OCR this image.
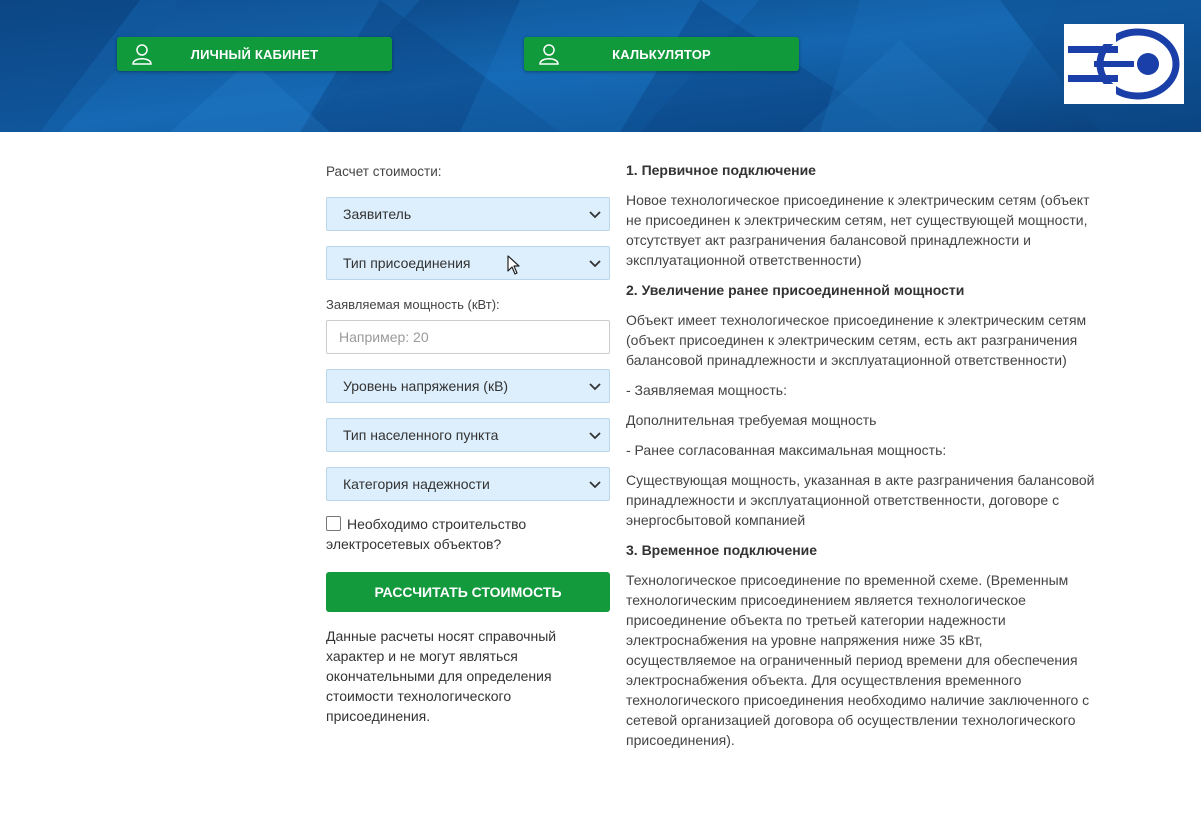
ЛИЧНЫЙ КАБИНЕТ	КАЛЬКУЛЯТОР
Расчет стоимости:
Заявитель
Тип присоединения
Заявляемая мощность (кВт):
Например: 20
Уровень напряжения (кВ)
Тип населенного пункта
Категория надежности
Необходимо строительство электросетевых объектов?
РАССЧИТАТЬ СТОИМОСТЬ
Данные расчеты носят справочный характер и не могут являться окончательными для определения стоимости технологического присоединения.
1. Первичное подключение

Новое технологическое присоединение к электрическим сетям (объект не присоединен к электрическим сетям, нет существующей мощности, отсутствует акт разграничения балансовой принадлежности и эксплуатационной ответственности)

2. Увеличение ранее присоединенной мощности

Объект имеет технологическое присоединение к электрическим сетям (объект присоединен к электрическим сетям, есть акт разграничения балансовой принадлежности и эксплуатационной ответственности)

- Заявляемая мощность:

Дополнительная требуемая мощность

- Ранее согласованная максимальная мощность:

Существующая мощность, указанная в акте разграничения балансовой принадлежности и эксплуатационной ответственности, договоре с энергосбытовой компанией

3. Временное подключение

Технологическое присоединение по временной схеме. (Временным технологическим присоединением является технологическое присоединение объекта по третьей категории надежности электроснабжения на уровне напряжения ниже 35 кВт, осуществляемое на ограниченный период времени для обеспечения электроснабжения объекта. Для осуществления временного технологического присоединения необходимо наличие заключенного с сетевой организацией договора об осуществлении технологического присоединения).
